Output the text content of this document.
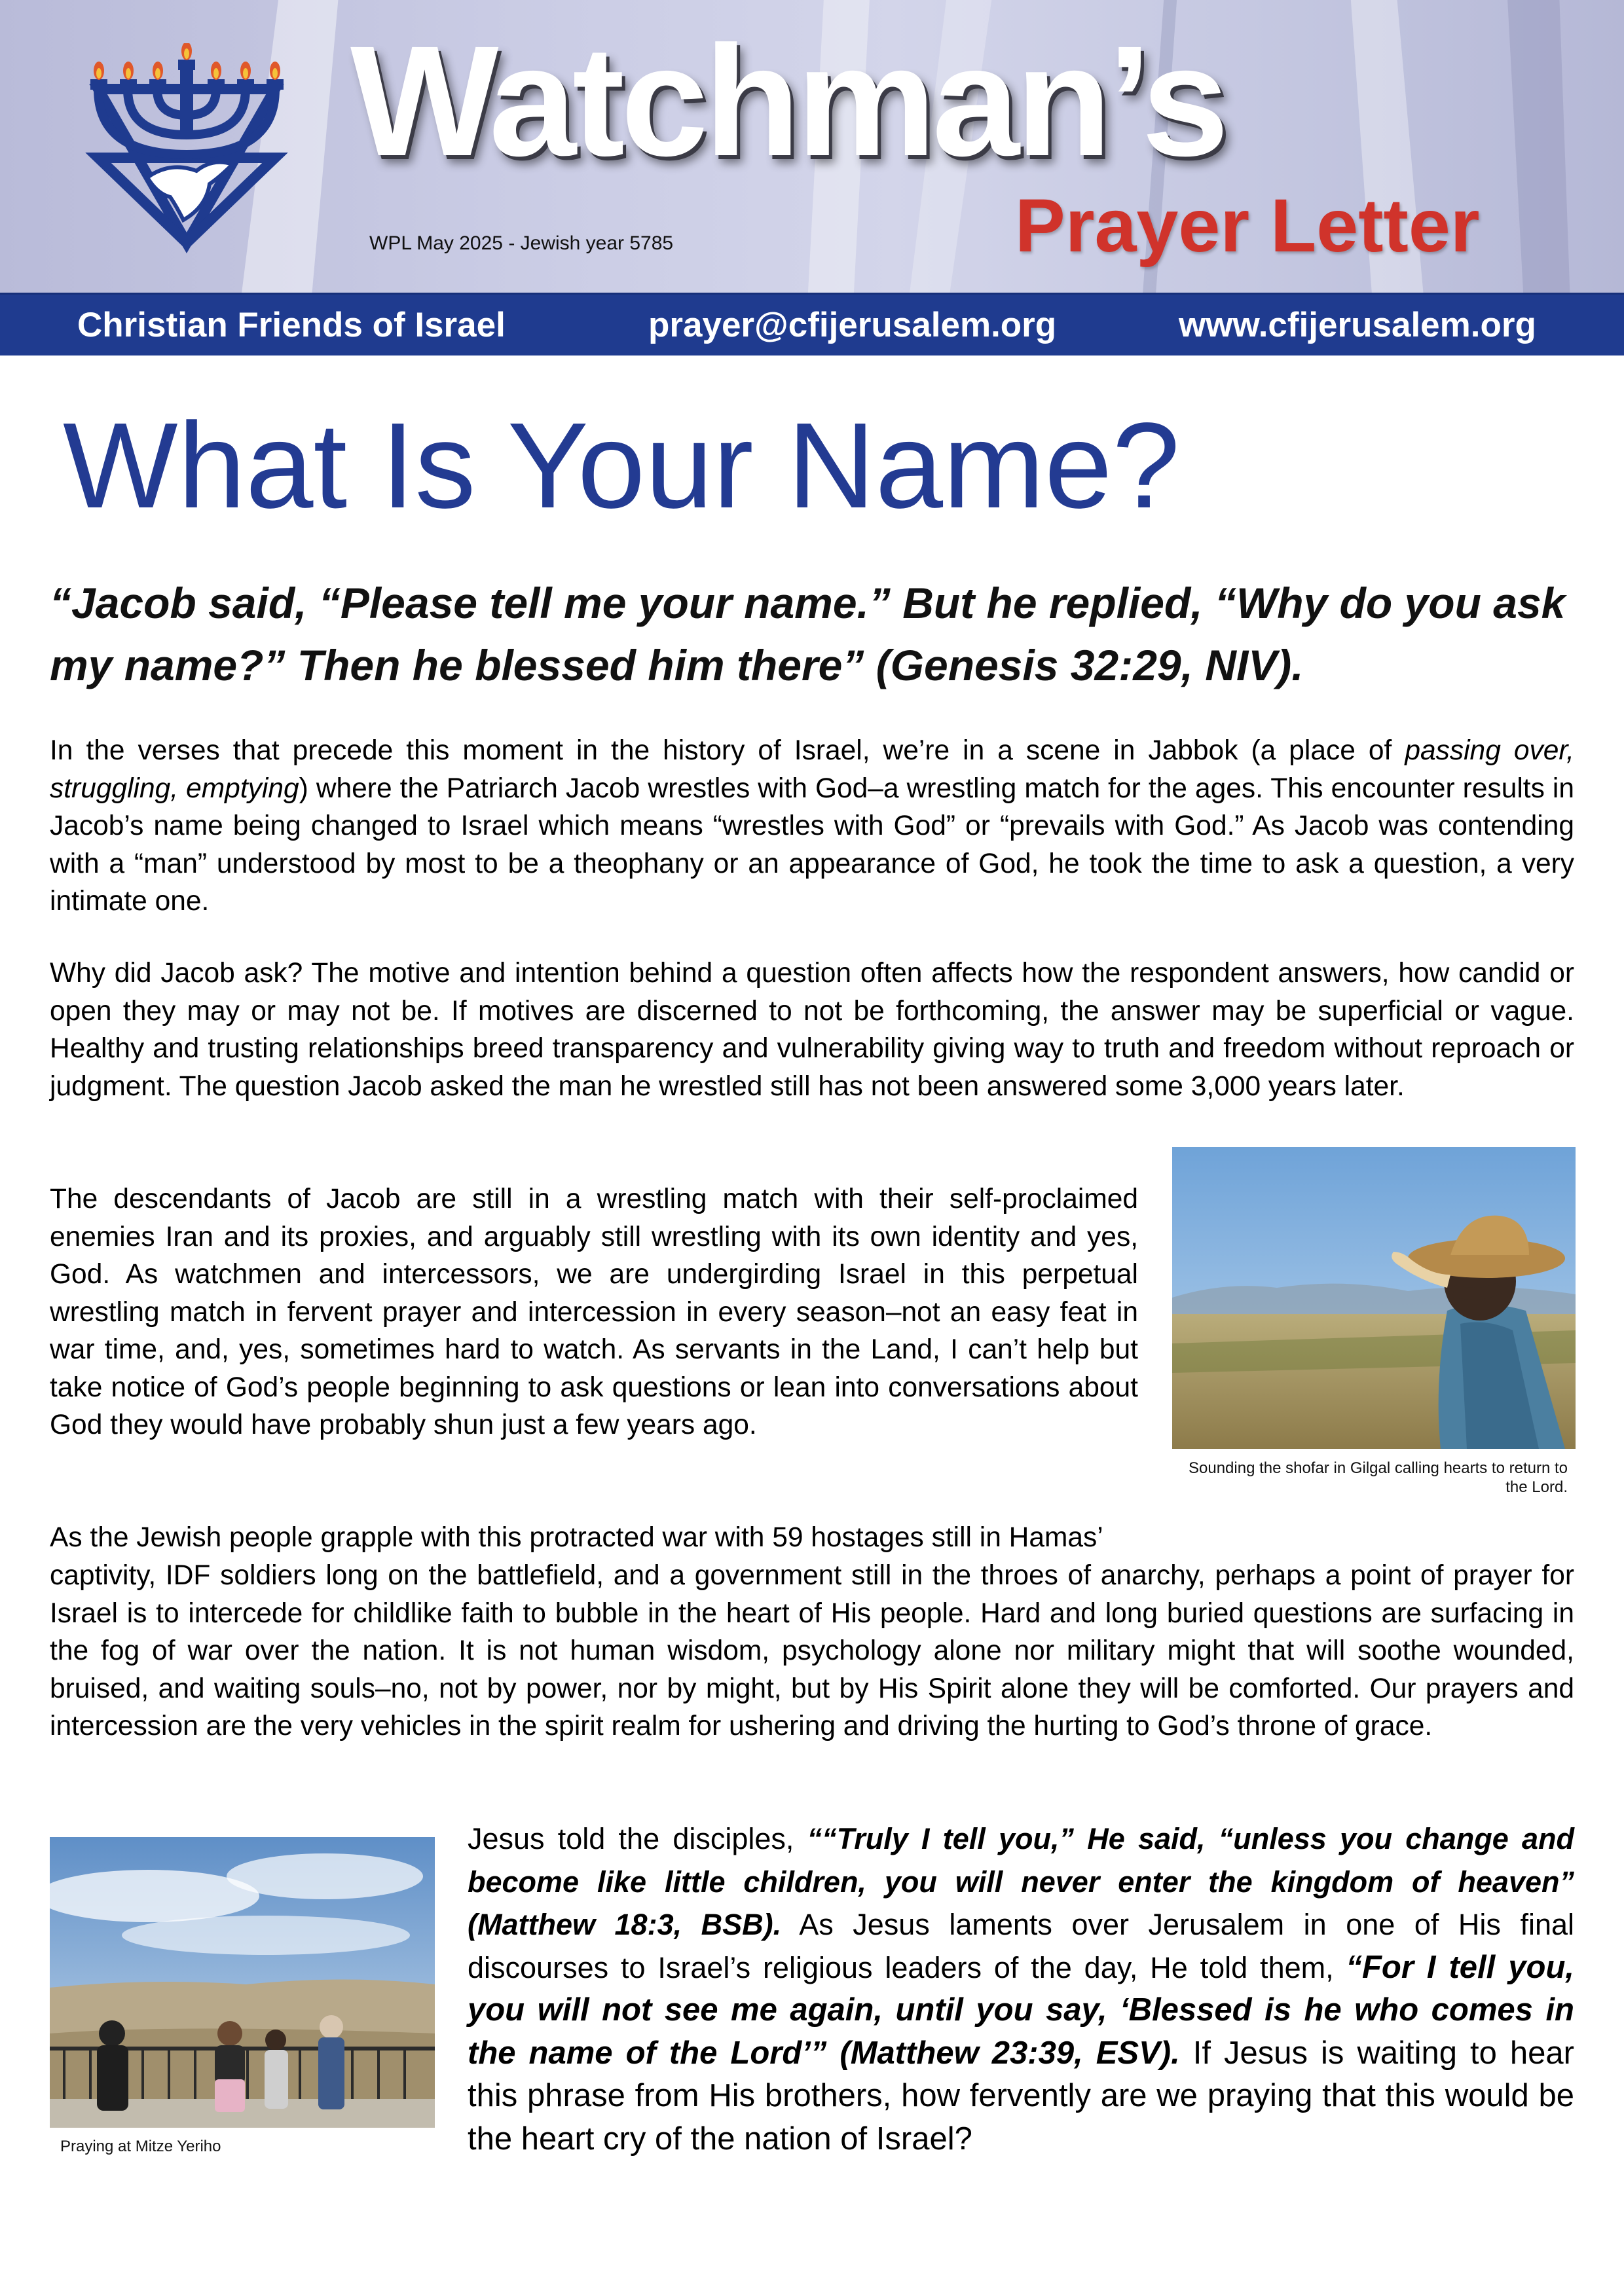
Watchman’s
Prayer Letter
WPL May 2025 - Jewish year 5785
Christian Friends of Israel	prayer@cfijerusalem.org	www.cfijerusalem.org
What Is Your Name?
“Jacob said, “Please tell me your name.” But he replied, “Why do you ask my name?” Then he blessed him there” (Genesis 32:29, NIV).
In the verses that precede this moment in the history of Israel, we’re in a scene in Jabbok (a place of passing over, struggling, emptying) where the Patriarch Jacob wrestles with God–a wrestling match for the ages. This encounter results in Jacob’s name being changed to Israel which means “wrestles with God” or “prevails with God.” As Jacob was contending with a “man” understood by most to be a theophany or an appearance of God, he took the time to ask a question, a very intimate one.
Why did Jacob ask? The motive and intention behind a question often affects how the respondent answers, how candid or open they may or may not be. If motives are discerned to not be forthcoming, the answer may be superficial or vague. Healthy and trusting relationships breed transparency and vulnerability giving way to truth and freedom without reproach or judgment. The question Jacob asked the man he wrestled still has not been answered some 3,000 years later.
The descendants of Jacob are still in a wrestling match with their self-proclaimed enemies Iran and its proxies, and arguably still wrestling with its own identity and yes, God. As watchmen and intercessors, we are undergirding Israel in this perpetual wrestling match in fervent prayer and intercession in every season–not an easy feat in war time, and, yes, sometimes hard to watch. As servants in the Land, I can’t help but take notice of God’s people beginning to ask questions or lean into conversations about God they would have probably shun just a few years ago.
Sounding the shofar in Gilgal calling hearts to return to the Lord.
As the Jewish people grapple with this protracted war with 59 hostages still in Hamas’
captivity, IDF soldiers long on the battlefield, and a government still in the throes of anarchy, perhaps a point of prayer for Israel is to intercede for childlike faith to bubble in the heart of His people. Hard and long buried questions are surfacing in the fog of war over the nation. It is not human wisdom, psychology alone nor military might that will soothe wounded, bruised, and waiting souls–no, not by power, nor by might, but by His Spirit alone they will be comforted. Our prayers and intercession are the very vehicles in the spirit realm for ushering and driving the hurting to God’s throne of grace.
Praying at Mitze Yeriho
Jesus told the disciples, ““Truly I tell you,” He said, “unless you change and become like little children, you will never enter the kingdom of heaven” (Matthew 18:3, BSB). As Jesus laments over Jerusalem in one of His final discourses to Israel’s religious leaders of the day, He told them, “For I tell you, you will not see me again, until you say, ‘Blessed is he who comes in the name of the Lord’” (Matthew 23:39, ESV). If Jesus is waiting to hear this phrase from His brothers, how fervently are we praying that this would be the heart cry of the nation of Israel?
